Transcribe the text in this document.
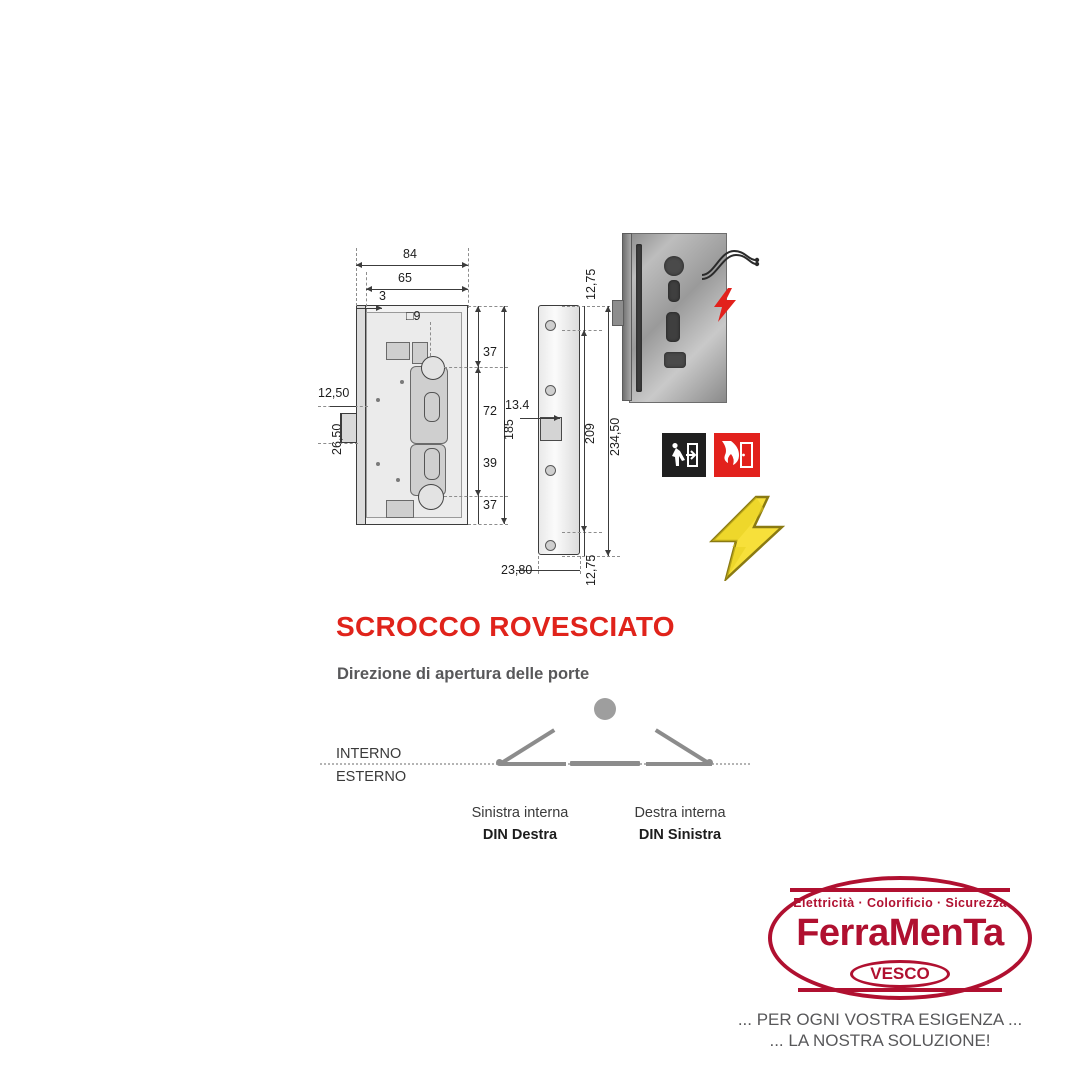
84
65
3
□9
12,50
26,50
37
72
185
39
37
13.4
12,75
209 234,50
12,75
23,80
SCROCCO ROVESCIATO
Direzione di apertura delle porte
INTERNO
ESTERNO
Sinistra interna
DIN Destra
Destra interna
DIN Sinistra
Elettricità · Colorificio · Sicurezza
FerraMenTa
VESCO
... PER OGNI VOSTRA ESIGENZA ...
... LA NOSTRA SOLUZIONE!
